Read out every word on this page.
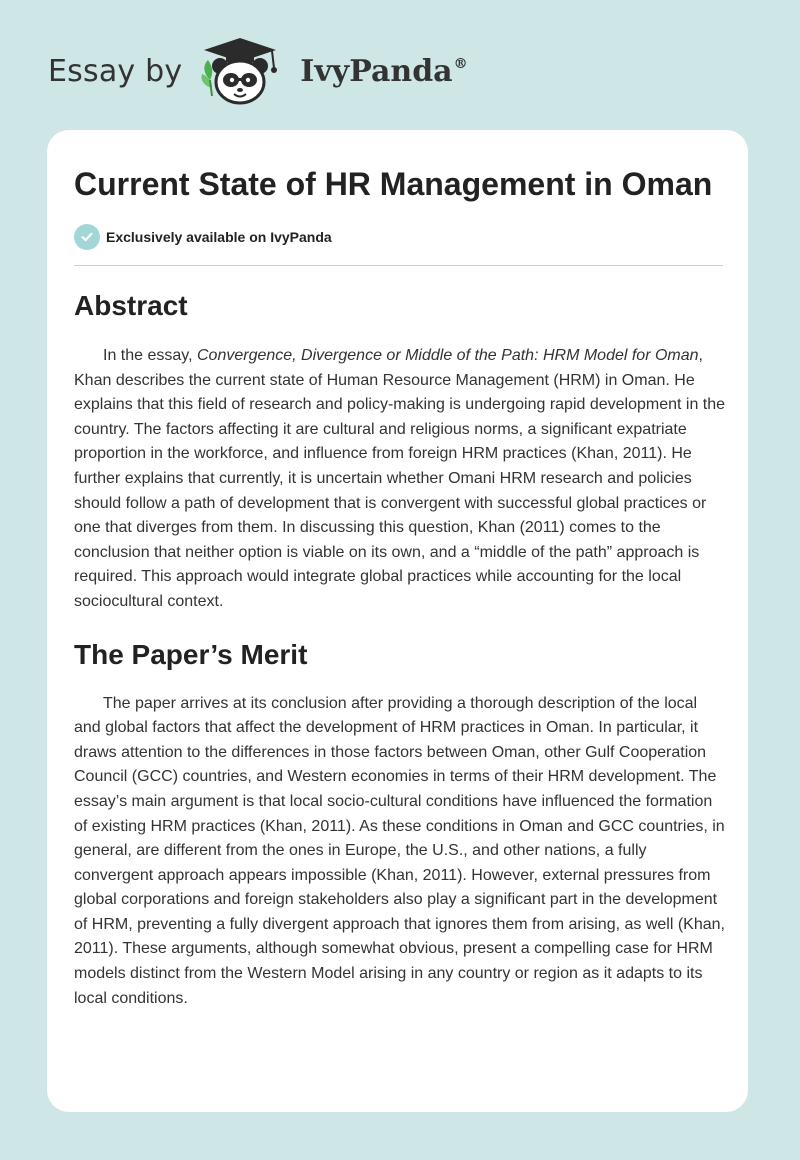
Essay by	IvyPanda®
Current State of HR Management in Oman
Exclusively available on IvyPanda
Abstract

In the essay, Convergence, Divergence or Middle of the Path: HRM Model for Oman, Khan describes the current state of Human Resource Management (HRM) in Oman. He explains that this field of research and policy-making is undergoing rapid development in the country. The factors affecting it are cultural and religious norms, a significant expatriate proportion in the workforce, and influence from foreign HRM practices (Khan, 2011). He further explains that currently, it is uncertain whether Omani HRM research and policies should follow a path of development that is convergent with successful global practices or one that diverges from them. In discussing this question, Khan (2011) comes to the conclusion that neither option is viable on its own, and a “middle of the path” approach is required. This approach would integrate global practices while accounting for the local sociocultural context.

The Paper’s Merit

The paper arrives at its conclusion after providing a thorough description of the local and global factors that affect the development of HRM practices in Oman. In particular, it draws attention to the differences in those factors between Oman, other Gulf Cooperation Council (GCC) countries, and Western economies in terms of their HRM development. The essay’s main argument is that local socio-cultural conditions have influenced the formation of existing HRM practices (Khan, 2011). As these conditions in Oman and GCC countries, in general, are different from the ones in Europe, the U.S., and other nations, a fully convergent approach appears impossible (Khan, 2011). However, external pressures from global corporations and foreign stakeholders also play a significant part in the development of HRM, preventing a fully divergent approach that ignores them from arising, as well (Khan, 2011). These arguments, although somewhat obvious, present a compelling case for HRM models distinct from the Western Model arising in any country or region as it adapts to its local conditions.
